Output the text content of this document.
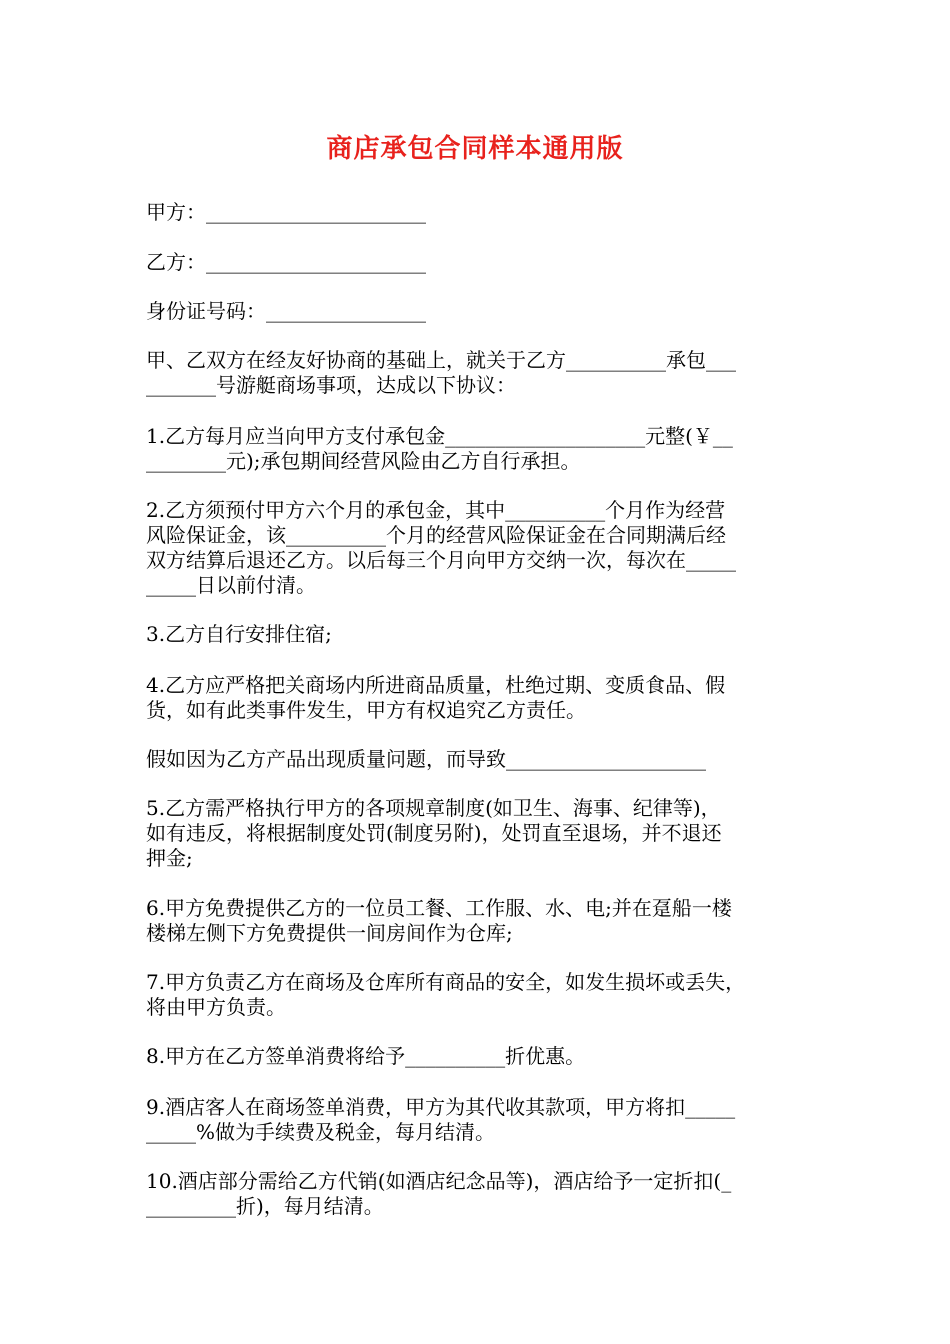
商店承包合同样本通用版
甲方：______________________
乙方：______________________
身份证号码：________________
甲、乙双方在经友好协商的基础上，就关于乙方__________承包___
_______号游艇商场事项，达成以下协议：
1.乙方每月应当向甲方支付承包金____________________元整(￥__
________元);承包期间经营风险由乙方自行承担。
2.乙方须预付甲方六个月的承包金，其中__________个月作为经营
风险保证金，该__________个月的经营风险保证金在合同期满后经
双方结算后退还乙方。以后每三个月向甲方交纳一次，每次在_____
_____日以前付清。
3.乙方自行安排住宿;
4.乙方应严格把关商场内所进商品质量，杜绝过期、变质食品、假
货，如有此类事件发生，甲方有权追究乙方责任。
假如因为乙方产品出现质量问题，而导致____________________
5.乙方需严格执行甲方的各项规章制度(如卫生、海事、纪律等)，
如有违反，将根据制度处罚(制度另附)，处罚直至退场，并不退还
押金;
6.甲方免费提供乙方的一位员工餐、工作服、水、电;并在趸船一楼
楼梯左侧下方免费提供一间房间作为仓库;
7.甲方负责乙方在商场及仓库所有商品的安全，如发生损坏或丢失，
将由甲方负责。
8.甲方在乙方签单消费将给予__________折优惠。
9.酒店客人在商场签单消费，甲方为其代收其款项，甲方将扣_____
_____%做为手续费及税金，每月结清。
10.酒店部分需给乙方代销(如酒店纪念品等)，酒店给予一定折扣(_
_________折)，每月结清。
